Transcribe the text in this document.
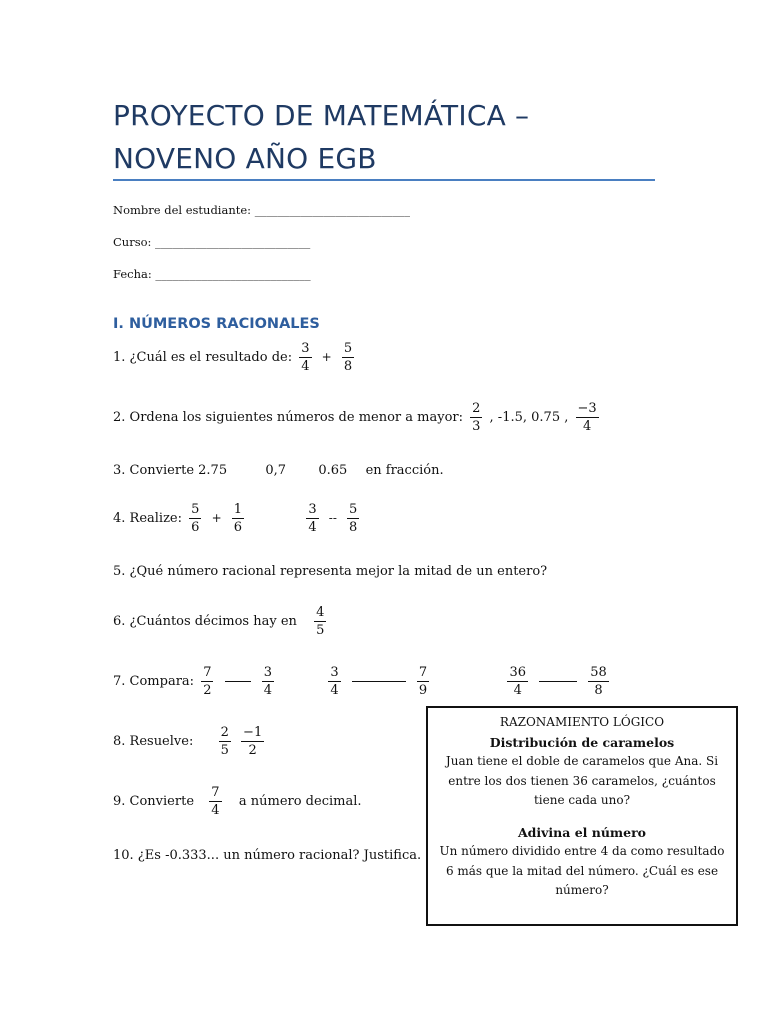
PROYECTO DE MATEMÁTICA – NOVENO AÑO EGB
Nombre del estudiante: ___________________________
Curso: ___________________________
Fecha: ___________________________
I. NÚMEROS RACIONALES
1. ¿Cuál es el resultado de: $\frac{3}{4} + \frac{5}{8}$
2. Ordena los siguientes números de menor a mayor: $\frac{2}{3}$ , -1.5, 0.75 , $\frac{-3}{4}$
3. Convierte 2.75	0,7 0.65 en fracción.
4. Realize: $\frac{5}{6} + \frac{1}{6}$
	$\frac{3}{4} -- \frac{5}{8}$
5. ¿Qué número racional representa mejor la mitad de un entero?
6. ¿Cuántos décimos hay en $\frac{4}{5}$
7. Compara: $\frac{7}{2}$
	$\frac{3}{4}$
	$\frac{3}{4}$
	$\frac{7}{9}$
	$\frac{36}{4}$
	$\frac{58}{8}$
8. Resuelve: $\frac{2}{5}$
$\frac{-1}{2}$
9. Convierte $\frac{7}{4}$ a número decimal.
10. ¿Es -0.333... un número racional? Justifica.
RAZONAMIENTO LÓGICO
Distribución de caramelos
Juan tiene el doble de caramelos que Ana. Si entre los dos tienen 36 caramelos, ¿cuántos tiene cada uno?
Adivina el número
Un número dividido entre 4 da como resultado 6 más que la mitad del número. ¿Cuál es ese número?
